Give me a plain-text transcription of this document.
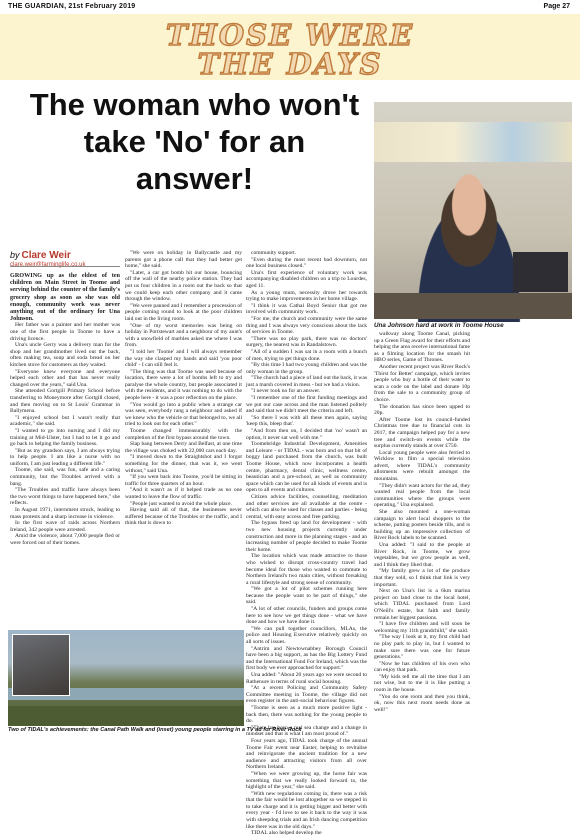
THE GUARDIAN, 21st February 2019	Page 27
THOSE WERE
THE DAYS
The woman who won't take 'No' for an answer!
Una Johnson hard at work in Toome House
by Clare Weir
clare.weir@farminglife.co.uk

GROWING up as the eldest of ten children on Main Street in Toome and serving behind the counter of the family's grocery shop as soon as she was old enough, community work was never anything out of the ordinary for Una Johnson.

Her father was a painter and her mother was one of the first people in Toome to have a driving licence.

Una's uncle Gerry was a delivery man for the shop and her grandmother lived out the back, often making tea, soup and soda bread on her kitchen stove for customers as they waited.

"Everyone knew everyone and everyone helped each other and that has never really changed over the years," said Una.

She attended Gortgill Primary School before transferring to Moneymore after Gortgill closed, and then moving on to St Louis' Grammar in Ballymena.

"I enjoyed school but I wasn't really that academic," she said.

"I wanted to go into nursing and I did my training at Mid-Ulster, but I had to let it go and go back to helping the family business.

"But as my grandson says, I am always trying to help people. I am like a nurse with no uniform, I am just leading a different life."

Toome, she said, was fun, safe and a caring community, but the Troubles arrived with a bang.

"The Troubles and traffic have always been the two worst things to have happened here," she reflects.

In August 1971, internment struck, leading to mass protests and a sharp increase in violence.

In the first wave of raids across Northern Ireland, 342 people were arrested.

Amid the violence, about 7,000 people fled or were forced out of their homes.

"We were on holiday in Ballycastle and my parents got a phone call that they had better get home," she said.

"Later, a car got bomb hit our house, bouncing off the wall of the nearby police station. They had put us four children in a room out the back so that we could keep each other company and it came through the window.

"We were panned and I remember a procession of people coming round to look at the poor children laid out in the living room.

"One of my worst memories was being on holiday in Portstewart and a neighbour of my aunt's with a snowfield of marbles asked me where I was from.

"I told her 'Toome' and I will always remember the way she clasped my hands and said 'you poor child' - I can still feel it.

"The thing was that Toome was used because of location, there were a lot of bombs left to try and paralyse the whole country, but people associated it with the residents, and it was nothing to do with the people here - it was a poor reflection on the place.

"You would go into a public when a strange car was seen, everybody rang a neighbour and asked if we knew who the vehicle or that belonged to, we all tried to look out for each other."

Toome changed immeasurably with the completion of the first bypass around the town.

Slap bang between Derry and Belfast, at one time the village was choked with 22,000 cars each day.

"I moved down to the Straightshot and I forgot something for the dinner, that was it, we went without," said Una.

"If you went back into Toome, you'd be sitting in traffic for three quarters of an hour.

"And it wasn't as if it helped trade as no one wanted to leave the flow of traffic.

"People just wanted to avoid the whole place.

Having said all of that, the businesses never suffered because of the Troubles or the traffic, and I think that is down to

community support.

"Even during the most recent bad downturn, not one local business closed."

Una's first experience of voluntary work was accompanying disabled children on a trip to Lourdes, aged 11.

As a young mum, necessity drove her towards trying to make improvements in her home village.

"I think it was Cathal Boyd Senior that got me involved with community work.

"For me, the church and community were the same thing and I was always very conscious about the lack of services in Toome.

"There was no play park, there was no doctors' surgery, the nearest was in Randalstown.

"All of a sudden I was sat in a room with a bunch of men, trying to get things done.

"By this time I had two young children and was the only woman in the group.

"The church had a piece of land out the back, it was just a marsh covered in mess - but we had a vision.

"I never took no for an answer.

"I remember one of the first funding meetings and we put our case across and the man listened politely and said that we didn't meet the criteria and left.

"So there I was with all these men again, saying 'keep this, bleep that'.

"And from then on, I decided that 'no' wasn't an option, it never sat well with me."

Toomebridge Industrial Development, Amenities and Leisure - or TIDAL - was born and on that bit of boggy land purchased from the church, was built Toome House, which now incorporates a health centre, pharmacy, dental clinic, wellness centre, beautician and a pre-school, as well as community space which can be used for all kinds of events and is open to all events and cultures.

Citizen advice facilities, counselling, meditation and other services are all available at the centre - which can also be used for classes and parties - being central, with easy access and free parking.

The bypass freed up land for development - with two new housing projects currently under construction and more in the planning stages - and an increasing number of people decided to make Toome their home.

The location which was made attractive to those who wished to disrupt cross-country travel had become ideal for those who wanted to commute to Northern Ireland's two main cities, without forsaking a rural lifestyle and strong sense of community.

"We got a lot of pilot schemes running here because the people want to be part of things," she said.

"A lot of other councils, funders and groups come here to see how we get things done - what we have done and how we have done it.

"We can pull together councillors, MLAs, the police and Housing Executive relatively quickly on all sorts of issues.

"Antrim and Newtownabbey Borough Council have been a big support, as has the Big Lottery Fund and the International Fund For Ireland, which was the first body we ever approached for support."

Una added: "About 20 years ago we were second to Rathenure in terms of rural social housing.

"At a recent Policing and Community Safety Committee meeting in Toome, the village did not even register in the anti-social behaviour figures.

"Toome is seen as a much more positive light - back then, there was nothing for the young people to do.

"There has been a real sea change and a change in mindset and that is what I am most proud of."

Four years ago, TIDAL took charge of the annual Toome Fair event near Easter, helping to revitalise and reinvigorate the ancient tradition for a new audience and attracting visitors from all over Northern Ireland.

"When we were growing up, the horse fair was something that we really looked forward to, the highlight of the year," she said.

"With new regulations coming in, there was a risk that the fair would be lost altogether so we stepped in to take charge and it is getting bigger and better with every year - I'd love to see it back to the way it was with sheepdog trials and an Irish dancing competition like there was in the old days."

TIDAL also helped develop the

walkway along Toome Canal, picking up a Green Flag award for their efforts and helping the area receive international fame as a filming location for the smash hit HBO series, Game of Thrones.

Another recent project was River Rock's 'Thirst for Better' campaign, which invites people who buy a bottle of their water to scan a code on the label and donate 10p from the sale to a community group of choice.

The donation has since been upped to 20p.

After Toome lost its council-funded Christmas tree due to financial cuts in 2017, the campaign helped pay for a new tree and switch-on events while the surplus currently stands at over £750.

Local young people were also ferried to Wicklow to film a special television advert, where TIDAL's community allotments were rebuilt amongst the mountains.

"They didn't want actors for the ad, they wanted real people from the local communities where the groups were operating," Una explained.

She also mounted a one-woman campaign to alert local shoppers to the scheme, putting posters beside tills, and is building up an impressive collection of River Rock labels to be scanned.

Una added: "I said to the people at River Rock, in Toome, we grow vegetables, but we grow people as well, and I think they liked that.

"My family grew a lot of the produce that they sold, so I think that link is very important.

Next on Una's list is a 6km marina project on land close to the local hotel, which TIDAL purchased from Lord O'Neill's estate, but faith and family remain her biggest passions.

"I have five children and will soon be welcoming my 11th grandchild," she said.

"The way I look at it, my first child had no play park to play in, but I wanted to make sure there was one for future generations."

"Now he has children of his own who can enjoy that park.

"My kids tell me all the time that I am not wise, but to me it is like putting a room in the house.

"You do one room and then you think, ok, now this next room needs done as well!"

Two of TIDAL's achievements: the Canal Path Walk and (inset) young people starring in a TV ad for River Rock
